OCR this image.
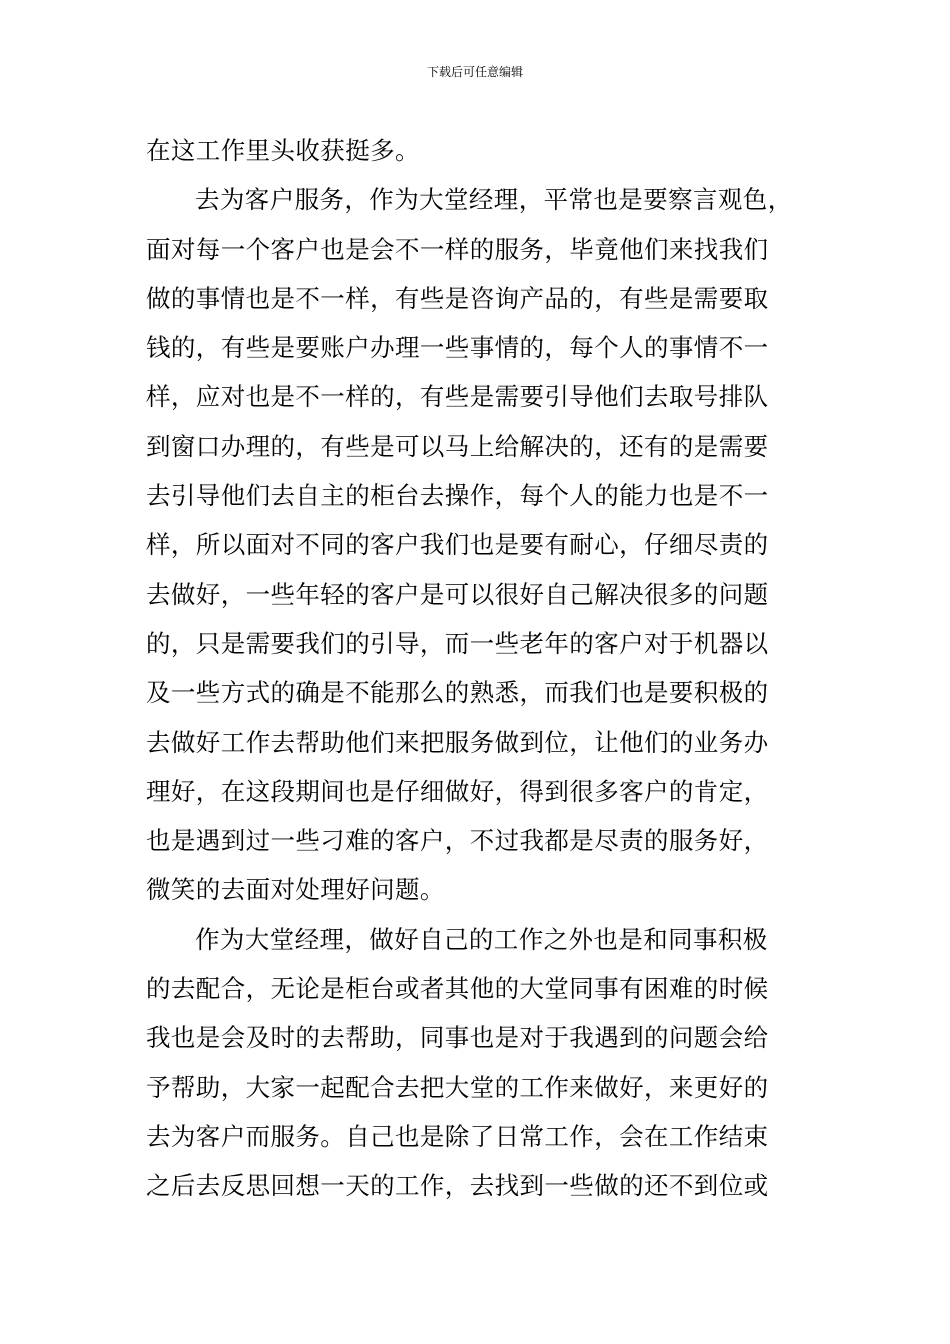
下载后可任意编辑
在这工作里头收获挺多。
去为客户服务，作为大堂经理，平常也是要察言观色，
面对每一个客户也是会不一样的服务，毕竟他们来找我们
做的事情也是不一样，有些是咨询产品的，有些是需要取
钱的，有些是要账户办理一些事情的，每个人的事情不一
样，应对也是不一样的，有些是需要引导他们去取号排队
到窗口办理的，有些是可以马上给解决的，还有的是需要
去引导他们去自主的柜台去操作，每个人的能力也是不一
样，所以面对不同的客户我们也是要有耐心，仔细尽责的
去做好，一些年轻的客户是可以很好自己解决很多的问题
的，只是需要我们的引导，而一些老年的客户对于机器以
及一些方式的确是不能那么的熟悉，而我们也是要积极的
去做好工作去帮助他们来把服务做到位，让他们的业务办
理好，在这段期间也是仔细做好，得到很多客户的肯定，
也是遇到过一些刁难的客户，不过我都是尽责的服务好，
微笑的去面对处理好问题。
作为大堂经理，做好自己的工作之外也是和同事积极
的去配合，无论是柜台或者其他的大堂同事有困难的时候
我也是会及时的去帮助，同事也是对于我遇到的问题会给
予帮助，大家一起配合去把大堂的工作来做好，来更好的
去为客户而服务。自己也是除了日常工作，会在工作结束
之后去反思回想一天的工作，去找到一些做的还不到位或
